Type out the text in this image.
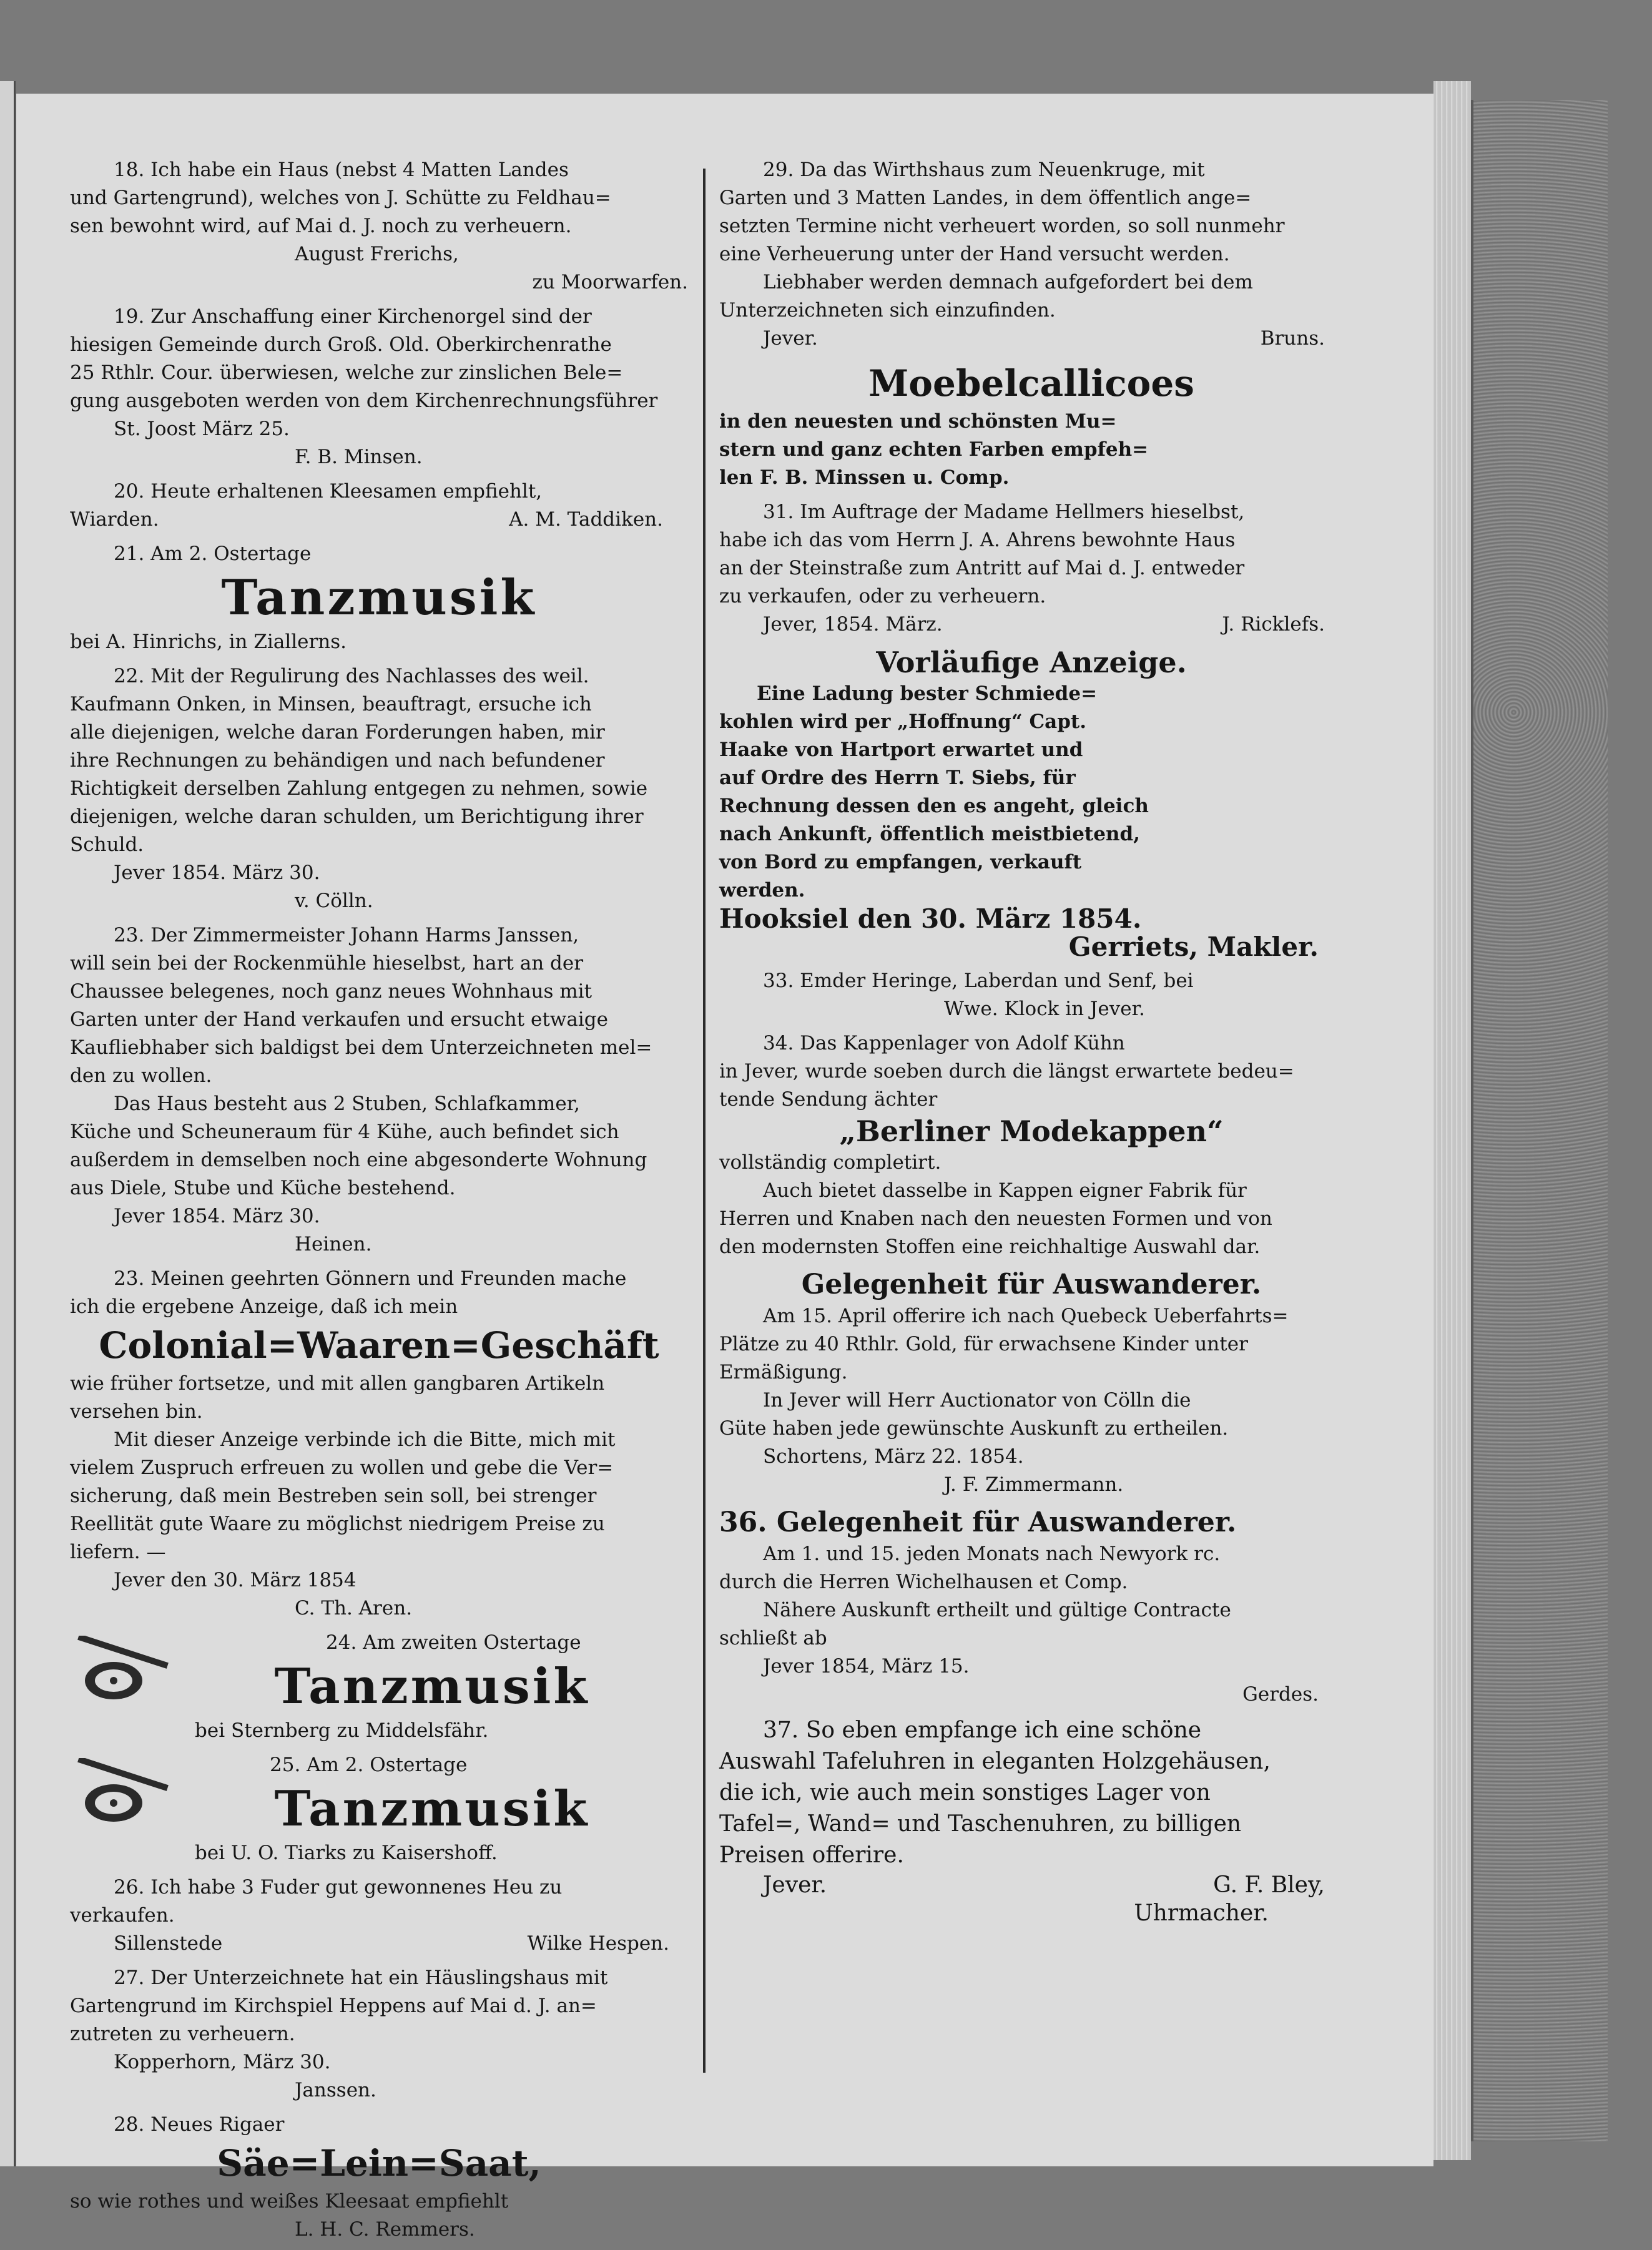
18. Ich habe ein Haus (nebst 4 Matten Landes

und Gartengrund), welches von J. Schütte zu Feldhau=

sen bewohnt wird, auf Mai d. J. noch zu verheuern.

August Frerichs,

zu Moorwarfen.

19. Zur Anschaffung einer Kirchenorgel sind der

hiesigen Gemeinde durch Groß. Old. Oberkirchenrathe

25 Rthlr. Cour. überwiesen, welche zur zinslichen Bele=

gung ausgeboten werden von dem Kirchenrechnungsführer

St. Joost März 25.

F. B. Minsen.

20. Heute erhaltenen Kleesamen empfiehlt,

Wiarden.	A. M. Taddiken.

21. Am 2. Ostertage

Tanzmusik

bei A. Hinrichs, in Ziallerns.

22. Mit der Regulirung des Nachlasses des weil.

Kaufmann Onken, in Minsen, beauftragt, ersuche ich

alle diejenigen, welche daran Forderungen haben, mir

ihre Rechnungen zu behändigen und nach befundener

Richtigkeit derselben Zahlung entgegen zu nehmen, sowie

diejenigen, welche daran schulden, um Berichtigung ihrer

Schuld.

Jever 1854. März 30.

v. Cölln.

23. Der Zimmermeister Johann Harms Janssen,

will sein bei der Rockenmühle hieselbst, hart an der

Chaussee belegenes, noch ganz neues Wohnhaus mit

Garten unter der Hand verkaufen und ersucht etwaige

Kaufliebhaber sich baldigst bei dem Unterzeichneten mel=

den zu wollen.

Das Haus besteht aus 2 Stuben, Schlafkammer,

Küche und Scheuneraum für 4 Kühe, auch befindet sich

außerdem in demselben noch eine abgesonderte Wohnung

aus Diele, Stube und Küche bestehend.

Jever 1854. März 30.

Heinen.

23. Meinen geehrten Gönnern und Freunden mache

ich die ergebene Anzeige, daß ich mein

Colonial=Waaren=Geschäft

wie früher fortsetze, und mit allen gangbaren Artikeln

versehen bin.

Mit dieser Anzeige verbinde ich die Bitte, mich mit

vielem Zuspruch erfreuen zu wollen und gebe die Ver=

sicherung, daß mein Bestreben sein soll, bei strenger

Reellität gute Waare zu möglichst niedrigem Preise zu

liefern. —

Jever den 30. März 1854

C. Th. Aren.

24. Am zweiten Ostertage

Tanzmusik

bei Sternberg zu Middelsfähr.

25. Am 2. Ostertage

Tanzmusik

bei U. O. Tiarks zu Kaisershoff.

26. Ich habe 3 Fuder gut gewonnenes Heu zu

verkaufen.

Sillenstede	Wilke Hespen.

27. Der Unterzeichnete hat ein Häuslingshaus mit

Gartengrund im Kirchspiel Heppens auf Mai d. J. an=

zutreten zu verheuern.

Kopperhorn, März 30.

Janssen.

28. Neues Rigaer

Säe=Lein=Saat,

so wie rothes und weißes Kleesaat empfiehlt

L. H. C. Remmers.

29. Da das Wirthshaus zum Neuenkruge, mit

Garten und 3 Matten Landes, in dem öffentlich ange=

setzten Termine nicht verheuert worden, so soll nunmehr

eine Verheuerung unter der Hand versucht werden.

Liebhaber werden demnach aufgefordert bei dem

Unterzeichneten sich einzufinden.

Jever.	Bruns.

Moebelcallicoes

in den neuesten und schönsten Mu=

stern und ganz echten Farben empfeh=

len F. B. Minssen u. Comp.

31. Im Auftrage der Madame Hellmers hieselbst,

habe ich das vom Herrn J. A. Ahrens bewohnte Haus

an der Steinstraße zum Antritt auf Mai d. J. entweder

zu verkaufen, oder zu verheuern.

Jever, 1854. März.	J. Ricklefs.

Vorläufige Anzeige.

Eine Ladung bester Schmiede=

kohlen wird per „Hoffnung“ Capt.

Haake von Hartport erwartet und

auf Ordre des Herrn T. Siebs, für

Rechnung dessen den es angeht, gleich

nach Ankunft, öffentlich meistbietend,

von Bord zu empfangen, verkauft

werden.

Hooksiel den 30. März 1854.

Gerriets, Makler.

33. Emder Heringe, Laberdan und Senf, bei

Wwe. Klock in Jever.

34. Das Kappenlager von Adolf Kühn

in Jever, wurde soeben durch die längst erwartete bedeu=

tende Sendung ächter

„Berliner Modekappen“

vollständig completirt.

Auch bietet dasselbe in Kappen eigner Fabrik für

Herren und Knaben nach den neuesten Formen und von

den modernsten Stoffen eine reichhaltige Auswahl dar.

Gelegenheit für Auswanderer.

Am 15. April offerire ich nach Quebeck Ueberfahrts=

Plätze zu 40 Rthlr. Gold, für erwachsene Kinder unter

Ermäßigung.

In Jever will Herr Auctionator von Cölln die

Güte haben jede gewünschte Auskunft zu ertheilen.

Schortens, März 22. 1854.

J. F. Zimmermann.

36. Gelegenheit für Auswanderer.

Am 1. und 15. jeden Monats nach Newyork rc.

durch die Herren Wichelhausen et Comp.

Nähere Auskunft ertheilt und gültige Contracte

schließt ab

Jever 1854, März 15.

Gerdes.

37. So eben empfange ich eine schöne

Auswahl Tafeluhren in eleganten Holzgehäusen,

die ich, wie auch mein sonstiges Lager von

Tafel=, Wand= und Taschenuhren, zu billigen

Preisen offerire.

Jever.	G. F. Bley,

Uhrmacher.
